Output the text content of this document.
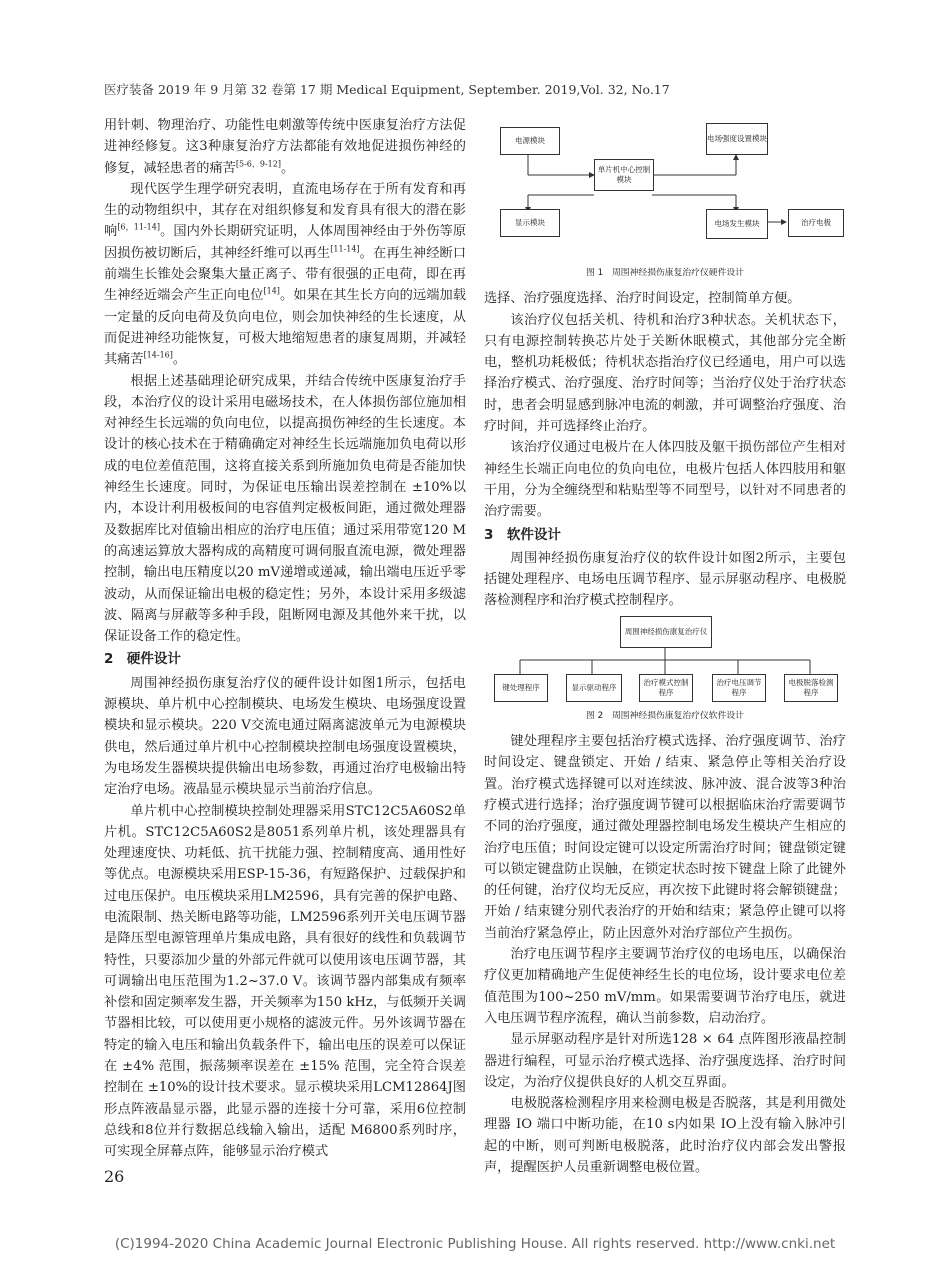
医疗装备 2019 年 9 月第 32 卷第 17 期 Medical Equipment, September. 2019,Vol. 32, No.17

用针刺、物理治疗、功能性电刺激等传统中医康复治疗方法促进神经修复。这3种康复治疗方法都能有效地促进损伤神经的修复，减轻患者的痛苦[5-6，9-12]。

现代医学生理学研究表明，直流电场存在于所有发育和再生的动物组织中，其存在对组织修复和发育具有很大的潜在影响[6，11-14]。国内外长期研究证明，人体周围神经由于外伤等原因损伤被切断后，其神经纤维可以再生[11-14]。在再生神经断口前端生长锥处会聚集大量正离子、带有很强的正电荷，即在再生神经近端会产生正向电位[14]。如果在其生长方向的远端加载一定量的反向电荷及负向电位，则会加快神经的生长速度，从而促进神经功能恢复，可极大地缩短患者的康复周期，并减轻其痛苦[14-16]。

根据上述基础理论研究成果，并结合传统中医康复治疗手段，本治疗仪的设计采用电磁场技术，在人体损伤部位施加相对神经生长远端的负向电位，以提高损伤神经的生长速度。本设计的核心技术在于精确确定对神经生长远端施加负电荷以形成的电位差值范围，这将直接关系到所施加负电荷是否能加快神经生长速度。同时，为保证电压输出误差控制在 ±10%以内，本设计利用极板间的电容值判定极板间距，通过微处理器及数据库比对值输出相应的治疗电压值；通过采用带宽120 M的高速运算放大器构成的高精度可调伺服直流电源，微处理器控制，输出电压精度以20 mV递增或递减，输出端电压近乎零波动，从而保证输出电极的稳定性；另外，本设计采用多级滤波、隔离与屏蔽等多种手段，阻断网电源及其他外来干扰，以保证设备工作的稳定性。

2　硬件设计

周围神经损伤康复治疗仪的硬件设计如图1所示，包括电源模块、单片机中心控制模块、电场发生模块、电场强度设置模块和显示模块。220 V交流电通过隔离滤波单元为电源模块供电，然后通过单片机中心控制模块控制电场强度设置模块，为电场发生器模块提供输出电场参数，再通过治疗电极输出特定治疗电场。液晶显示模块显示当前治疗信息。

单片机中心控制模块控制处理器采用STC12C5A60S2单片机。STC12C5A60S2是8051系列单片机，该处理器具有处理速度快、功耗低、抗干扰能力强、控制精度高、通用性好等优点。电源模块采用ESP-15-36，有短路保护、过载保护和过电压保护。电压模块采用LM2596，具有完善的保护电路、电流限制、热关断电路等功能，LM2596系列开关电压调节器是降压型电源管理单片集成电路，具有很好的线性和负载调节特性，只要添加少量的外部元件就可以使用该电压调节器，其可调输出电压范围为1.2~37.0 V。该调节器内部集成有频率补偿和固定频率发生器，开关频率为150 kHz，与低频开关调节器相比较，可以使用更小规格的滤波元件。另外该调节器在特定的输入电压和输出负载条件下，输出电压的误差可以保证在 ±4% 范围，振荡频率误差在 ±15% 范围，完全符合误差控制在 ±10%的设计技术要求。显示模块采用LCM12864J图形点阵液晶显示器，此显示器的连接十分可靠，采用6位控制总线和8位并行数据总线输入输出，适配 M6800系列时序，可实现全屏幕点阵，能够显示治疗模式

电源模块	电场强度设置模块
单片机中心控制模块
显示模块	电场发生模块	治疗电极
图 1　周围神经损伤康复治疗仪硬件设计

选择、治疗强度选择、治疗时间设定，控制简单方便。

该治疗仪包括关机、待机和治疗3种状态。关机状态下，只有电源控制转换芯片处于关断休眠模式，其他部分完全断电，整机功耗极低；待机状态指治疗仪已经通电，用户可以选择治疗模式、治疗强度、治疗时间等；当治疗仪处于治疗状态时，患者会明显感到脉冲电流的刺激，并可调整治疗强度、治疗时间，并可选择终止治疗。

该治疗仪通过电极片在人体四肢及躯干损伤部位产生相对神经生长端正向电位的负向电位，电极片包括人体四肢用和躯干用，分为全缠绕型和粘贴型等不同型号，以针对不同患者的治疗需要。

3　软件设计

周围神经损伤康复治疗仪的软件设计如图2所示，主要包括键处理程序、电场电压调节程序、显示屏驱动程序、电极脱落检测程序和治疗模式控制程序。

周围神经损伤康复治疗仪
键处理程序	显示驱动程序
治疗模式控制程序
治疗电压调节程序
电极脱落检测程序
图 2　周围神经损伤康复治疗仪软件设计

键处理程序主要包括治疗模式选择、治疗强度调节、治疗时间设定、键盘锁定、开始 / 结束、紧急停止等相关治疗设置。治疗模式选择键可以对连续波、脉冲波、混合波等3种治疗模式进行选择；治疗强度调节键可以根据临床治疗需要调节不同的治疗强度，通过微处理器控制电场发生模块产生相应的治疗电压值；时间设定键可以设定所需治疗时间；键盘锁定键可以锁定键盘防止误触，在锁定状态时按下键盘上除了此键外的任何键，治疗仪均无反应，再次按下此键时将会解锁键盘；开始 / 结束键分别代表治疗的开始和结束；紧急停止键可以将当前治疗紧急停止，防止因意外对治疗部位产生损伤。

治疗电压调节程序主要调节治疗仪的电场电压，以确保治疗仪更加精确地产生促使神经生长的电位场，设计要求电位差值范围为100~250 mV/mm。如果需要调节治疗电压，就进入电压调节程序流程，确认当前参数，启动治疗。

显示屏驱动程序是针对所选128 × 64 点阵图形液晶控制器进行编程，可显示治疗模式选择、治疗强度选择、治疗时间设定，为治疗仪提供良好的人机交互界面。

电极脱落检测程序用来检测电极是否脱落，其是利用微处理器 IO 端口中断功能，在10 s内如果 IO上没有输入脉冲引起的中断，则可判断电极脱落，此时治疗仪内部会发出警报声，提醒医护人员重新调整电极位置。

26
(C)1994-2020 China Academic Journal Electronic Publishing House. All rights reserved. http://www.cnki.net
